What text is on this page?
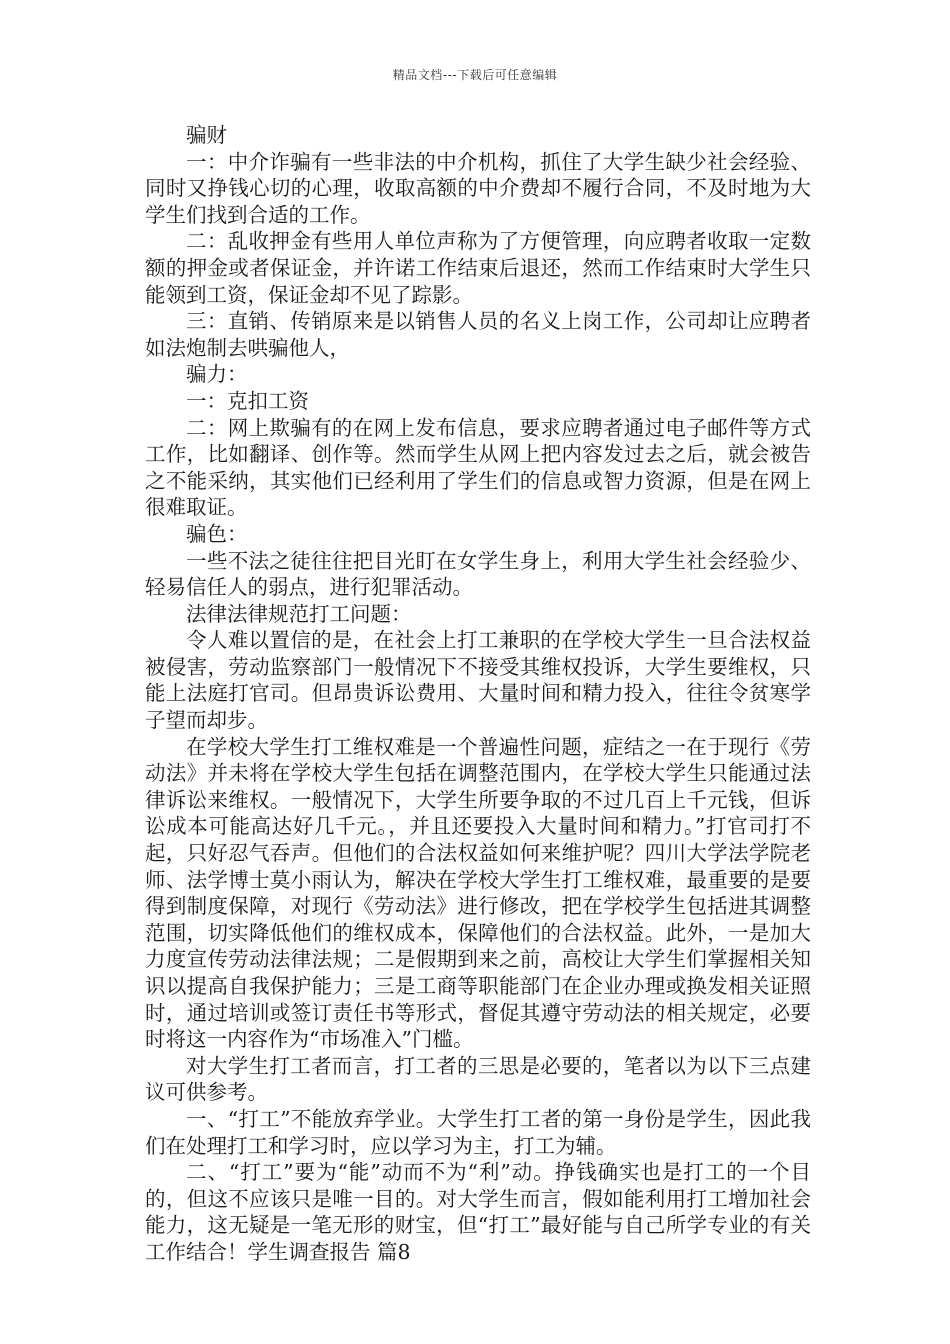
精品文档---下载后可任意编辑

骗财

一：中介诈骗有一些非法的中介机构，抓住了大学生缺少社会经验、同时又挣钱心切的心理，收取高额的中介费却不履行合同，不及时地为大学生们找到合适的工作。

二：乱收押金有些用人单位声称为了方便管理，向应聘者收取一定数额的押金或者保证金，并许诺工作结束后退还，然而工作结束时大学生只能领到工资，保证金却不见了踪影。

三：直销、传销原来是以销售人员的名义上岗工作，公司却让应聘者如法炮制去哄骗他人，

骗力：

一：克扣工资

二：网上欺骗有的在网上发布信息，要求应聘者通过电子邮件等方式工作，比如翻译、创作等。然而学生从网上把内容发过去之后，就会被告之不能采纳，其实他们已经利用了学生们的信息或智力资源，但是在网上很难取证。

骗色：

一些不法之徒往往把目光盯在女学生身上，利用大学生社会经验少、轻易信任人的弱点，进行犯罪活动。

法律法律规范打工问题：

令人难以置信的是，在社会上打工兼职的在学校大学生一旦合法权益被侵害，劳动监察部门一般情况下不接受其维权投诉，大学生要维权，只能上法庭打官司。但昂贵诉讼费用、大量时间和精力投入，往往令贫寒学子望而却步。

在学校大学生打工维权难是一个普遍性问题，症结之一在于现行《劳动法》并未将在学校大学生包括在调整范围内，在学校大学生只能通过法律诉讼来维权。一般情况下，大学生所要争取的不过几百上千元钱，但诉讼成本可能高达好几千元。，并且还要投入大量时间和精力。”打官司打不起，只好忍气吞声。但他们的合法权益如何来维护呢？四川大学法学院老师、法学博士莫小雨认为，解决在学校大学生打工维权难，最重要的是要得到制度保障，对现行《劳动法》进行修改，把在学校学生包括进其调整范围，切实降低他们的维权成本，保障他们的合法权益。此外，一是加大力度宣传劳动法律法规；二是假期到来之前，高校让大学生们掌握相关知识以提高自我保护能力；三是工商等职能部门在企业办理或换发相关证照时，通过培训或签订责任书等形式，督促其遵守劳动法的相关规定，必要时将这一内容作为“市场准入”门槛。

对大学生打工者而言，打工者的三思是必要的，笔者以为以下三点建议可供参考。

一、“打工”不能放弃学业。大学生打工者的第一身份是学生，因此我们在处理打工和学习时，应以学习为主，打工为辅。

二、“打工”要为“能”动而不为“利”动。挣钱确实也是打工的一个目的，但这不应该只是唯一目的。对大学生而言，假如能利用打工增加社会能力，这无疑是一笔无形的财宝，但“打工”最好能与自己所学专业的有关工作结合！学生调查报告 篇8
